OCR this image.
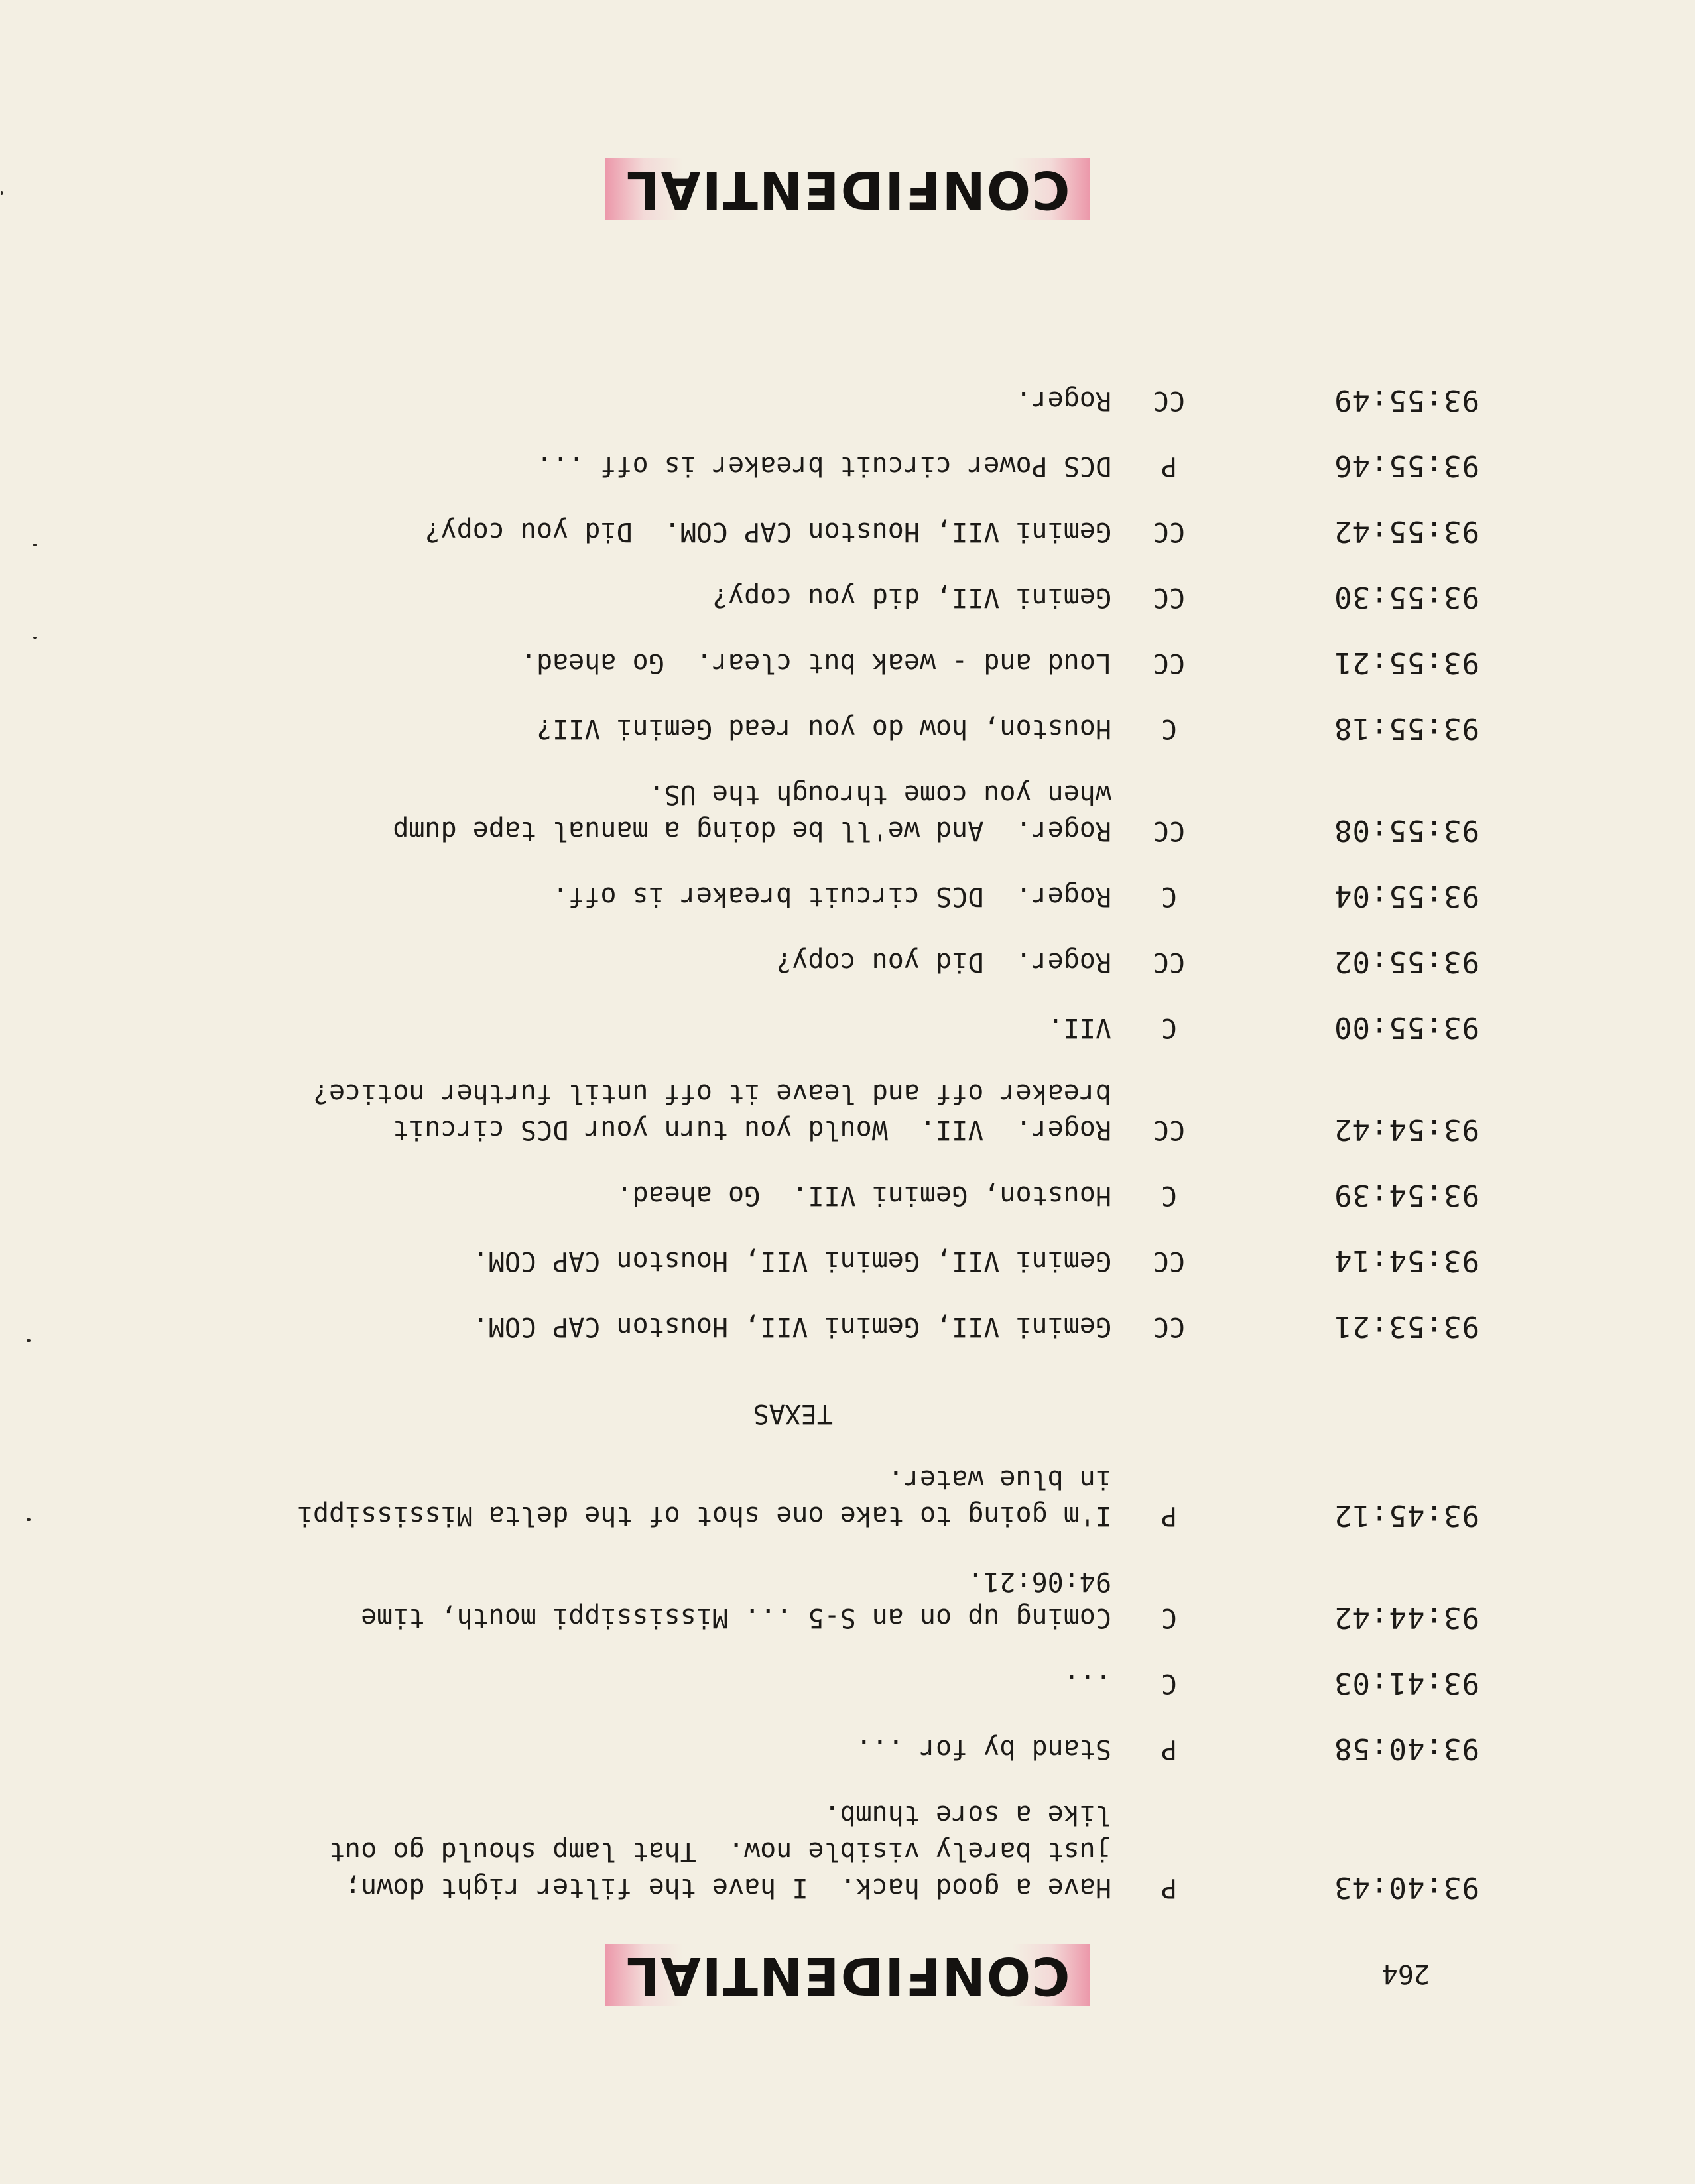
264
CONFIDENTIAL
93:40:43
P
Have a good hack.  I have the filter right down;
just barely visible now.  That lamp should go out
like a sore thumb.
93:40:58
P
Stand by for ...
93:41:03
C
...
93:44:42
C
Coming up on an S-5 ... Mississippi mouth, time
94:06:21.
93:45:12
P
I'm going to take one shot of the delta Mississippi
in blue water.
TEXAS
93:53:21
CC
Gemini VII, Gemini VII, Houston CAP COM.
93:54:14
CC
Gemini VII, Gemini VII, Houston CAP COM.
93:54:39
C
Houston, Gemini VII.  Go ahead.
93:54:42
CC
Roger.  VII.  Would you turn your DCS circuit
breaker off and leave it off until further notice?
93:55:00
C
VII.
93:55:02
CC
Roger.  Did you copy?
93:55:04
C
Roger.  DCS circuit breaker is off.
93:55:08
CC
Roger.  And we'll be doing a manual tape dump
when you come through the US.
93:55:18
C
Houston, how do you read Gemini VII?
93:55:21
CC
Loud and - weak but clear.  Go ahead.
93:55:30
CC
Gemini VII, did you copy?
93:55:42
CC
Gemini VII, Houston CAP COM.  Did you copy?
93:55:46
P
DCS Power circuit breaker is off ...
93:55:49
CC
Roger.
CONFIDENTIAL
